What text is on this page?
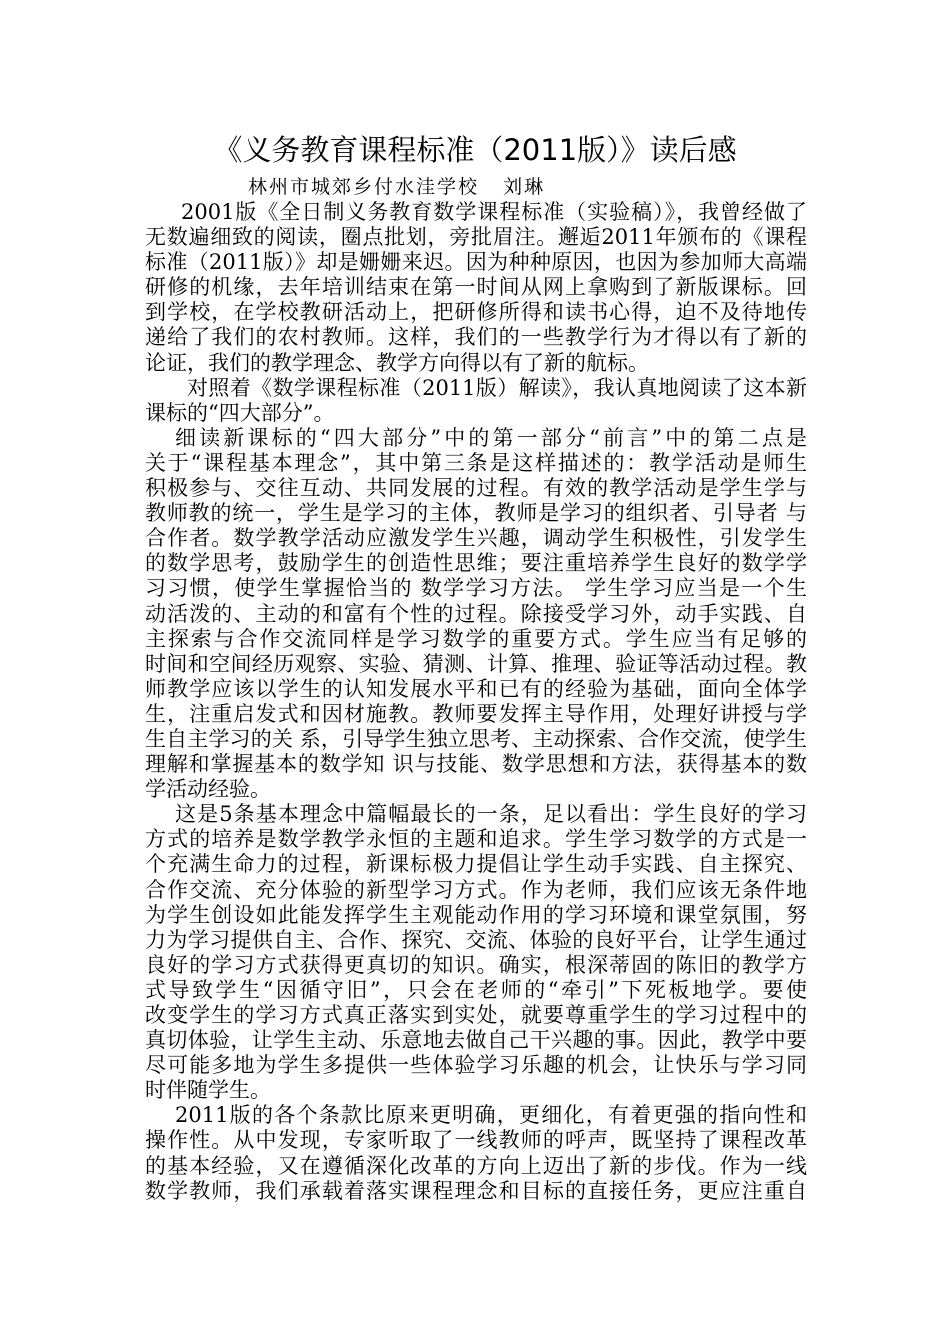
《义务教育课程标准（2011版）》读后感
林州市城郊乡付水洼学校   刘琳
2001版《全日制义务教育数学课程标准（实验稿）》，我曾经做了
无数遍细致的阅读，圈点批划，旁批眉注。邂逅2011年颁布的《课程
标准（2011版）》却是姗姗来迟。因为种种原因，也因为参加师大高端
研修的机缘，去年培训结束在第一时间从网上拿购到了新版课标。回
到学校，在学校教研活动上，把研修所得和读书心得，迫不及待地传
递给了我们的农村教师。这样，我们的一些教学行为才得以有了新的
论证，我们的教学理念、教学方向得以有了新的航标。
对照着《数学课程标准（2011版）解读》，我认真地阅读了这本新
课标的“四大部分”。
细读新课标的“四大部分”中的第一部分“前言”中的第二点是
关于“课程基本理念”，其中第三条是这样描述的：教学活动是师生
积极参与、交往互动、共同发展的过程。有效的教学活动是学生学与
教师教的统一，学生是学习的主体，教师是学习的组织者、引导者 与
合作者。数学教学活动应激发学生兴趣，调动学生积极性，引发学生
的数学思考，鼓励学生的创造性思维；要注重培养学生良好的数学学
习习惯，使学生掌握恰当的 数学学习方法。 学生学习应当是一个生
动活泼的、主动的和富有个性的过程。除接受学习外，动手实践、自
主探索与合作交流同样是学习数学的重要方式。学生应当有足够的
时间和空间经历观察、实验、猜测、计算、推理、验证等活动过程。教
师教学应该以学生的认知发展水平和已有的经验为基础，面向全体学
生，注重启发式和因材施教。教师要发挥主导作用，处理好讲授与学
生自主学习的关 系，引导学生独立思考、主动探索、合作交流，使学生
理解和掌握基本的数学知 识与技能、数学思想和方法，获得基本的数
学活动经验。
这是5条基本理念中篇幅最长的一条，足以看出：学生良好的学习
方式的培养是数学教学永恒的主题和追求。学生学习数学的方式是一
个充满生命力的过程，新课标极力提倡让学生动手实践、自主探究、
合作交流、充分体验的新型学习方式。作为老师，我们应该无条件地
为学生创设如此能发挥学生主观能动作用的学习环境和课堂氛围，努
力为学习提供自主、合作、探究、交流、体验的良好平台，让学生通过
良好的学习方式获得更真切的知识。确实，根深蒂固的陈旧的教学方
式导致学生“因循守旧”，只会在老师的“牵引”下死板地学。要使
改变学生的学习方式真正落实到实处，就要尊重学生的学习过程中的
真切体验，让学生主动、乐意地去做自己干兴趣的事。因此，教学中要
尽可能多地为学生多提供一些体验学习乐趣的机会，让快乐与学习同
时伴随学生。
2011版的各个条款比原来更明确，更细化，有着更强的指向性和
操作性。从中发现，专家听取了一线教师的呼声，既坚持了课程改革
的基本经验，又在遵循深化改革的方向上迈出了新的步伐。作为一线
数学教师，我们承载着落实课程理念和目标的直接任务，更应注重自
